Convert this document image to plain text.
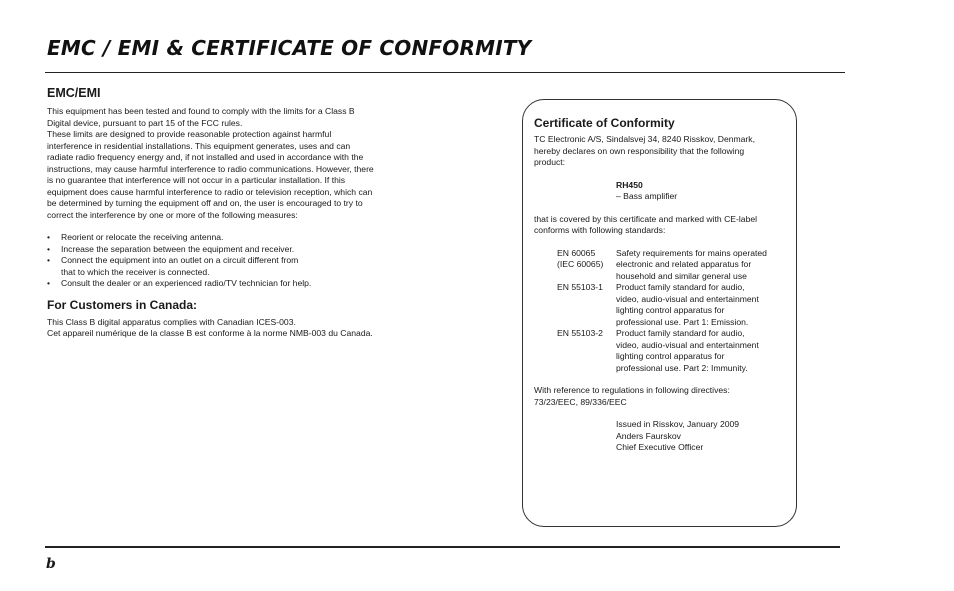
EMC / EMI & CERTIFICATE OF CONFORMITY
EMC/EMI

This equipment has been tested and found to comply with the limits for a Class B

Digital device, pursuant to part 15 of the FCC rules.

These limits are designed to provide reasonable protection against harmful

interference in residential installations. This equipment generates, uses and can

radiate radio frequency energy and, if not installed and used in accordance with the

instructions, may cause harmful interference to radio communications. However, there

is no guarantee that interference will not occur in a particular installation. If this

equipment does cause harmful interference to radio or television reception, which can

be determined by turning the equipment off and on, the user is encouraged to try to

correct the interference by one or more of the following measures:

• Reorient or relocate the receiving antenna.
• Increase the separation between the equipment and receiver.
• Connect the equipment into an outlet on a circuit different from
that to which the receiver is connected.
• Consult the dealer or an experienced radio/TV technician for help.
For Customers in Canada:

This Class B digital apparatus complies with Canadian ICES-003.

Cet appareil numérique de la classe B est conforme à la norme NMB-003 du Canada.

Certificate of Conformity

TC Electronic A/S, Sindalsvej 34, 8240 Risskov, Denmark,

hereby declares on own responsibility that the following

product:

RH450

– Bass amplifier

that is covered by this certificate and marked with CE-label

conforms with following standards:

EN 60065
(IEC 60065)
Safety requirements for mains operated
electronic and related apparatus for
household and similar general use
EN 55103-1	Product family standard for audio,
video, audio-visual and entertainment
lighting control apparatus for
professional use. Part 1: Emission.
EN 55103-2	Product family standard for audio,
video, audio-visual and entertainment
lighting control apparatus for
professional use. Part 2: Immunity.

With reference to regulations in following directives:

73/23/EEC, 89/336/EEC

Issued in Risskov, January 2009

Anders Faurskov

Chief Executive Officer

b
